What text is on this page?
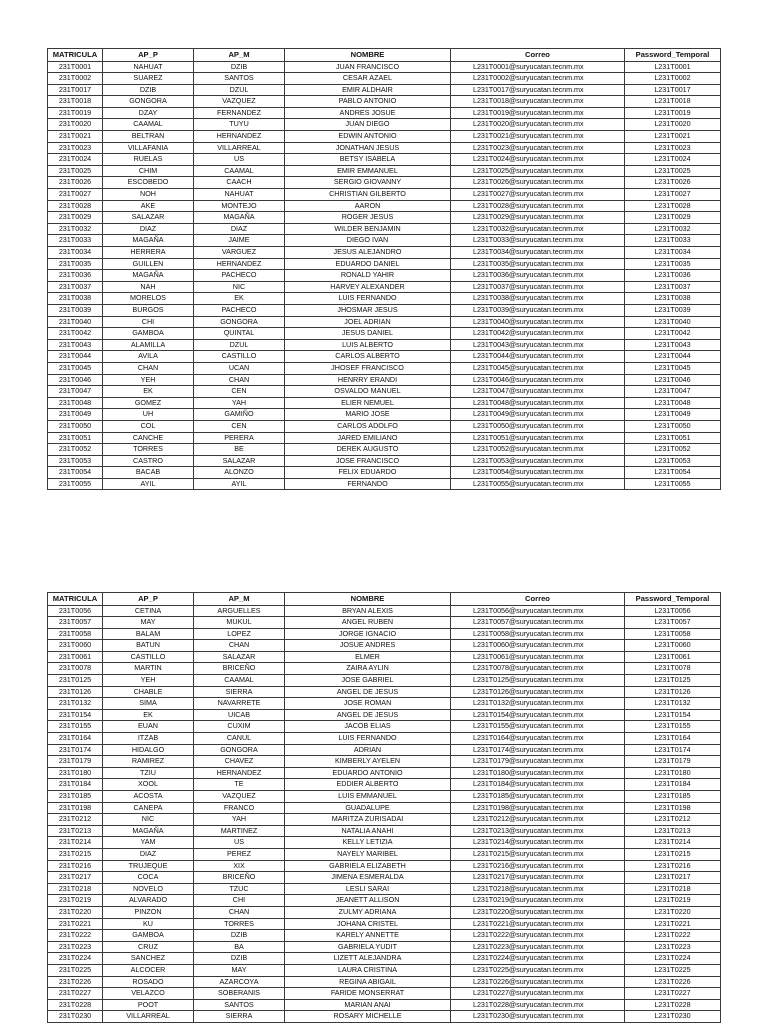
MATRICULA	AP_P	AP_M	NOMBRE	Correo	Password_Temporal
231T0001	NAHUAT	DZIB	JUAN FRANCISCO	L231T0001@suryucatan.tecnm.mx	L231T0001
231T0002	SUAREZ	SANTOS	CESAR AZAEL	L231T0002@suryucatan.tecnm.mx	L231T0002
231T0017	DZIB	DZUL	EMIR ALDHAIR	L231T0017@suryucatan.tecnm.mx	L231T0017
231T0018	GONGORA	VAZQUEZ	PABLO ANTONIO	L231T0018@suryucatan.tecnm.mx	L231T0018
231T0019	DZAY	FERNANDEZ	ANDRES JOSUE	L231T0019@suryucatan.tecnm.mx	L231T0019
231T0020	CAAMAL	TUYU	JUAN DIEGO	L231T0020@suryucatan.tecnm.mx	L231T0020
231T0021	BELTRAN	HERNANDEZ	EDWIN ANTONIO	L231T0021@suryucatan.tecnm.mx	L231T0021
231T0023	VILLAFANIA	VILLARREAL	JONATHAN JESUS	L231T0023@suryucatan.tecnm.mx	L231T0023
231T0024	RUELAS	US	BETSY ISABELA	L231T0024@suryucatan.tecnm.mx	L231T0024
231T0025	CHIM	CAAMAL	EMIR EMMANUEL	L231T0025@suryucatan.tecnm.mx	L231T0025
231T0026	ESCOBEDO	CAACH	SERGIO GIOVANNY	L231T0026@suryucatan.tecnm.mx	L231T0026
231T0027	NOH	NAHUAT	CHRISTIAN GILBERTO	L231T0027@suryucatan.tecnm.mx	L231T0027
231T0028	AKE	MONTEJO	AARON	L231T0028@suryucatan.tecnm.mx	L231T0028
231T0029	SALAZAR	MAGAÑA	ROGER JESUS	L231T0029@suryucatan.tecnm.mx	L231T0029
231T0032	DIAZ	DIAZ	WILDER BENJAMIN	L231T0032@suryucatan.tecnm.mx	L231T0032
231T0033	MAGAÑA	JAIME	DIEGO IVAN	L231T0033@suryucatan.tecnm.mx	L231T0033
231T0034	HERRERA	VARGUEZ	JESUS ALEJANDRO	L231T0034@suryucatan.tecnm.mx	L231T0034
231T0035	GUILLEN	HERNANDEZ	EDUARDO DANIEL	L231T0035@suryucatan.tecnm.mx	L231T0035
231T0036	MAGAÑA	PACHECO	RONALD YAHIR	L231T0036@suryucatan.tecnm.mx	L231T0036
231T0037	NAH	NIC	HARVEY ALEXANDER	L231T0037@suryucatan.tecnm.mx	L231T0037
231T0038	MORELOS	EK	LUIS FERNANDO	L231T0038@suryucatan.tecnm.mx	L231T0038
231T0039	BURGOS	PACHECO	JHOSMAR JESUS	L231T0039@suryucatan.tecnm.mx	L231T0039
231T0040	CHI	GONGORA	JOEL ADRIAN	L231T0040@suryucatan.tecnm.mx	L231T0040
231T0042	GAMBOA	QUINTAL	JESUS DANIEL	L231T0042@suryucatan.tecnm.mx	L231T0042
231T0043	ALAMILLA	DZUL	LUIS ALBERTO	L231T0043@suryucatan.tecnm.mx	L231T0043
231T0044	AVILA	CASTILLO	CARLOS ALBERTO	L231T0044@suryucatan.tecnm.mx	L231T0044
231T0045	CHAN	UCAN	JHOSEF FRANCISCO	L231T0045@suryucatan.tecnm.mx	L231T0045
231T0046	YEH	CHAN	HENRRY ERANDI	L231T0046@suryucatan.tecnm.mx	L231T0046
231T0047	EK	CEN	OSVALDO MANUEL	L231T0047@suryucatan.tecnm.mx	L231T0047
231T0048	GOMEZ	YAH	ELIER NEMUEL	L231T0048@suryucatan.tecnm.mx	L231T0048
231T0049	UH	GAMIÑO	MARIO JOSE	L231T0049@suryucatan.tecnm.mx	L231T0049
231T0050	COL	CEN	CARLOS ADOLFO	L231T0050@suryucatan.tecnm.mx	L231T0050
231T0051	CANCHE	PERERA	JARED EMILIANO	L231T0051@suryucatan.tecnm.mx	L231T0051
231T0052	TORRES	BE	DEREK AUGUSTO	L231T0052@suryucatan.tecnm.mx	L231T0052
231T0053	CASTRO	SALAZAR	JOSE FRANCISCO	L231T0053@suryucatan.tecnm.mx	L231T0053
231T0054	BACAB	ALONZO	FELIX EDUARDO	L231T0054@suryucatan.tecnm.mx	L231T0054
231T0055	AYIL	AYIL	FERNANDO	L231T0055@suryucatan.tecnm.mx	L231T0055
MATRICULA	AP_P	AP_M	NOMBRE	Correo	Password_Temporal
231T0056	CETINA	ARGUELLES	BRYAN ALEXIS	L231T0056@suryucatan.tecnm.mx	L231T0056
231T0057	MAY	MUKUL	ANGEL RUBEN	L231T0057@suryucatan.tecnm.mx	L231T0057
231T0058	BALAM	LOPEZ	JORGE IGNACIO	L231T0058@suryucatan.tecnm.mx	L231T0058
231T0060	BATUN	CHAN	JOSUE ANDRES	L231T0060@suryucatan.tecnm.mx	L231T0060
231T0061	CASTILLO	SALAZAR	ELMER	L231T0061@suryucatan.tecnm.mx	L231T0061
231T0078	MARTIN	BRICEÑO	ZAIRA AYLIN	L231T0078@suryucatan.tecnm.mx	L231T0078
231T0125	YEH	CAAMAL	JOSE GABRIEL	L231T0125@suryucatan.tecnm.mx	L231T0125
231T0126	CHABLE	SIERRA	ANGEL DE JESUS	L231T0126@suryucatan.tecnm.mx	L231T0126
231T0132	SIMA	NAVARRETE	JOSE ROMAN	L231T0132@suryucatan.tecnm.mx	L231T0132
231T0154	EK	UICAB	ANGEL DE JESUS	L231T0154@suryucatan.tecnm.mx	L231T0154
231T0155	EUAN	CUXIM	JACOB ELIAS	L231T0155@suryucatan.tecnm.mx	L231T0155
231T0164	ITZAB	CANUL	LUIS FERNANDO	L231T0164@suryucatan.tecnm.mx	L231T0164
231T0174	HIDALGO	GONGORA	ADRIAN	L231T0174@suryucatan.tecnm.mx	L231T0174
231T0179	RAMIREZ	CHAVEZ	KIMBERLY AYELEN	L231T0179@suryucatan.tecnm.mx	L231T0179
231T0180	TZIU	HERNANDEZ	EDUARDO ANTONIO	L231T0180@suryucatan.tecnm.mx	L231T0180
231T0184	XOOL	TE	EDDIER ALBERTO	L231T0184@suryucatan.tecnm.mx	L231T0184
231T0185	ACOSTA	VAZQUEZ	LUIS EMMANUEL	L231T0185@suryucatan.tecnm.mx	L231T0185
231T0198	CANEPA	FRANCO	GUADALUPE	L231T0198@suryucatan.tecnm.mx	L231T0198
231T0212	NIC	YAH	MARITZA ZURISADAI	L231T0212@suryucatan.tecnm.mx	L231T0212
231T0213	MAGAÑA	MARTINEZ	NATALIA ANAHI	L231T0213@suryucatan.tecnm.mx	L231T0213
231T0214	YAM	US	KELLY LETIZIA	L231T0214@suryucatan.tecnm.mx	L231T0214
231T0215	DIAZ	PEREZ	NAYELY MARIBEL	L231T0215@suryucatan.tecnm.mx	L231T0215
231T0216	TRUJEQUE	XIX	GABRIELA ELIZABETH	L231T0216@suryucatan.tecnm.mx	L231T0216
231T0217	COCA	BRICEÑO	JIMENA ESMERALDA	L231T0217@suryucatan.tecnm.mx	L231T0217
231T0218	NOVELO	TZUC	LESLI SARAI	L231T0218@suryucatan.tecnm.mx	L231T0218
231T0219	ALVARADO	CHI	JEANETT ALLISON	L231T0219@suryucatan.tecnm.mx	L231T0219
231T0220	PINZON	CHAN	ZULMY ADRIANA	L231T0220@suryucatan.tecnm.mx	L231T0220
231T0221	KU	TORRES	JOHANA CRISTEL	L231T0221@suryucatan.tecnm.mx	L231T0221
231T0222	GAMBOA	DZIB	KARELY ANNETTE	L231T0222@suryucatan.tecnm.mx	L231T0222
231T0223	CRUZ	BA	GABRIELA YUDIT	L231T0223@suryucatan.tecnm.mx	L231T0223
231T0224	SANCHEZ	DZIB	LIZETT ALEJANDRA	L231T0224@suryucatan.tecnm.mx	L231T0224
231T0225	ALCOCER	MAY	LAURA CRISTINA	L231T0225@suryucatan.tecnm.mx	L231T0225
231T0226	ROSADO	AZARCOYA	REGINA ABIGAIL	L231T0226@suryucatan.tecnm.mx	L231T0226
231T0227	VELAZCO	SOBERANIS	FARIDE MONSERRAT	L231T0227@suryucatan.tecnm.mx	L231T0227
231T0228	POOT	SANTOS	MARIAN ANAI	L231T0228@suryucatan.tecnm.mx	L231T0228
231T0230	VILLARREAL	SIERRA	ROSARY MICHELLE	L231T0230@suryucatan.tecnm.mx	L231T0230
